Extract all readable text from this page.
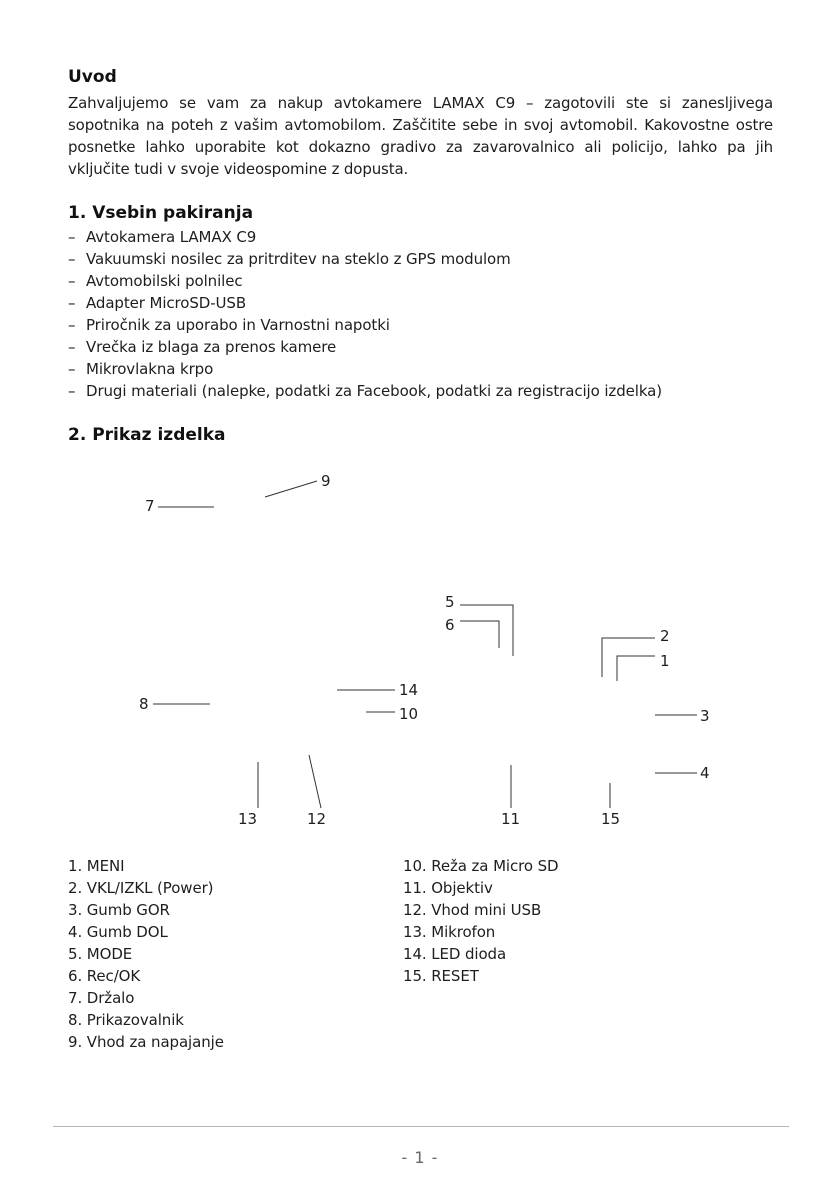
Uvod
Zahvaljujemo se vam za nakup avtokamere LAMAX C9 – zagotovili ste si zanesljivega sopotnika na poteh z vašim avtomobilom. Zaščitite sebe in svoj avtomobil. Kakovostne ostre posnetke lahko uporabite kot dokazno gradivo za zavarovalnico ali policijo, lahko pa jih vključite tudi v svoje videospomine z dopusta.
1. Vsebin pakiranja
– Avtokamera LAMAX C9
– Vakuumski nosilec za pritrditev na steklo z GPS modulom
– Avtomobilski polnilec
– Adapter MicroSD-USB
– Priročnik za uporabo in Varnostni napotki
– Vrečka iz blaga za prenos kamere
– Mikrovlakna krpo
– Drugi materiali (nalepke, podatki za Facebook, podatki za registracijo izdelka)
2. Prikaz izdelka
7
9
5
6
2
1
14
10
8
3
4
13	12	11	15
1. MENI
2. VKL/IZKL (Power)
3. Gumb GOR
4. Gumb DOL
5. MODE
6. Rec/OK
7. Držalo
8. Prikazovalnik
9. Vhod za napajanje
10. Reža za Micro SD
11. Objektiv
12. Vhod mini USB
13. Mikrofon
14. LED dioda
15. RESET
- 1 -
